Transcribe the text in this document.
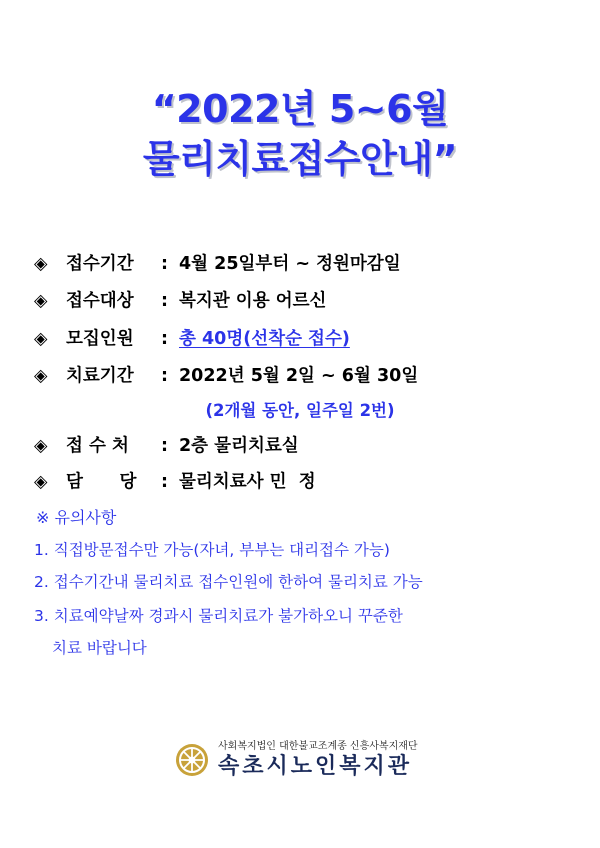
“2022년 5~6월
물리치료접수안내”
◈ 접수기간 : 4월 25일부터 ~ 정원마감일
◈ 접수대상 : 복지관 이용 어르신
◈ 모집인원 : 총 40명(선착순 접수)
◈ 치료기간 : 2022년 5월 2일 ~ 6월 30일
(2개월 동안, 일주일 2번)
◈ 접 수 처 : 2층 물리치료실
◈ 담      당 : 물리치료사 민  정
※ 유의사항
1. 직접방문접수만 가능(자녀, 부부는 대리접수 가능)
2. 접수기간내 물리치료 접수인원에 한하여 물리치료 가능
3. 치료예약날짜 경과시 물리치료가 불가하오니 꾸준한
치료 바랍니다
사회복지법인 대한불교조계종 신흥사복지재단
속초시노인복지관
